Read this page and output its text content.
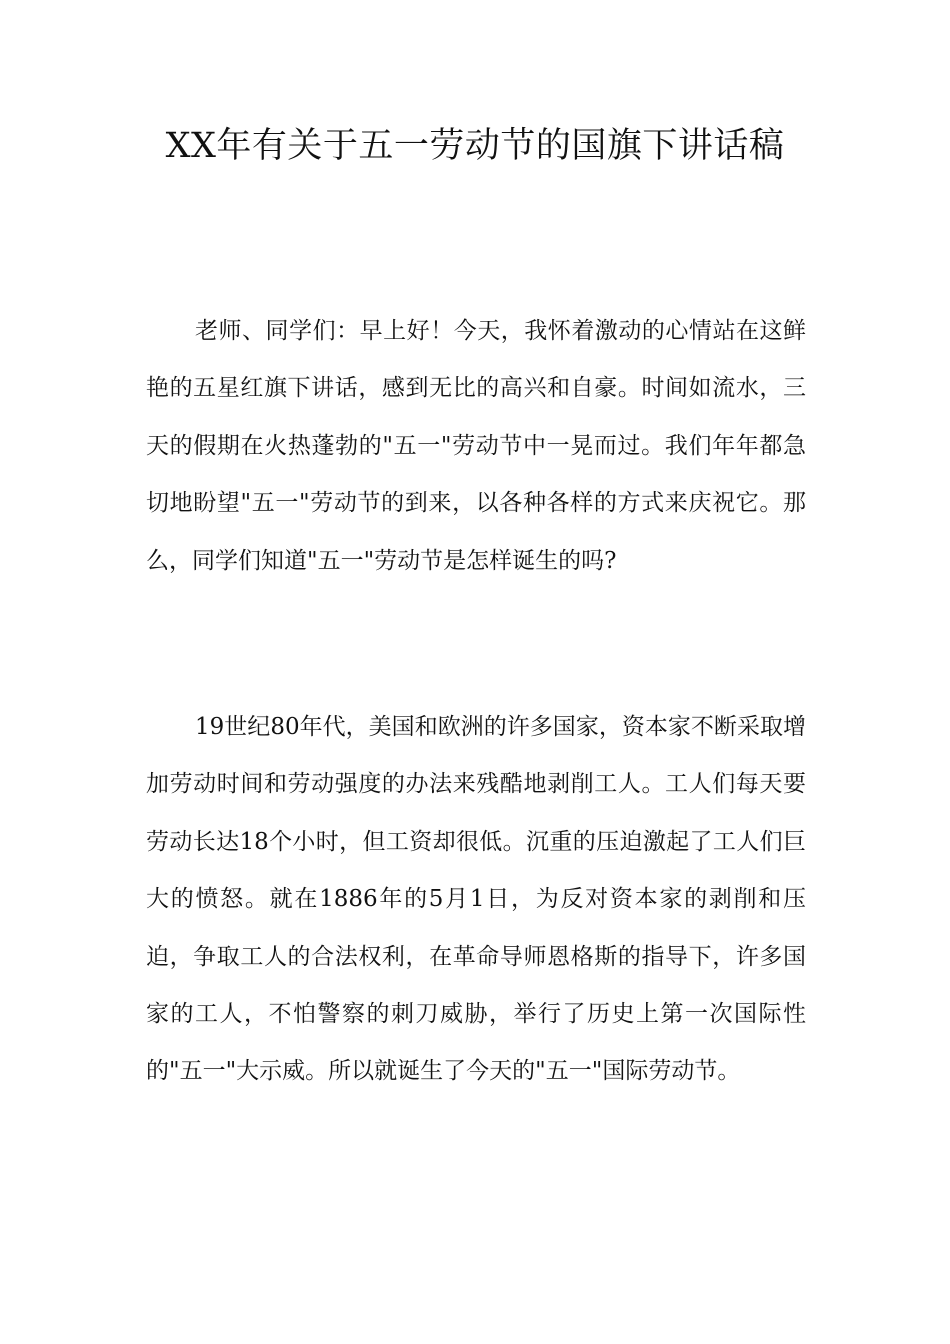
XX年有关于五一劳动节的国旗下讲话稿

老师、同学们：早上好！今天，我怀着激动的心情站在这鲜艳的五星红旗下讲话，感到无比的高兴和自豪。时间如流水，三天的假期在火热蓬勃的"五一"劳动节中一晃而过。我们年年都急切地盼望"五一"劳动节的到来，以各种各样的方式来庆祝它。那么，同学们知道"五一"劳动节是怎样诞生的吗?

19世纪80年代，美国和欧洲的许多国家，资本家不断采取增加劳动时间和劳动强度的办法来残酷地剥削工人。工人们每天要劳动长达18个小时，但工资却很低。沉重的压迫激起了工人们巨大的愤怒。就在1886年的5月1日，为反对资本家的剥削和压迫，争取工人的合法权利，在革命导师恩格斯的指导下，许多国家的工人，不怕警察的刺刀威胁，举行了历史上第一次国际性的"五一"大示威。所以就诞生了今天的"五一"国际劳动节。
